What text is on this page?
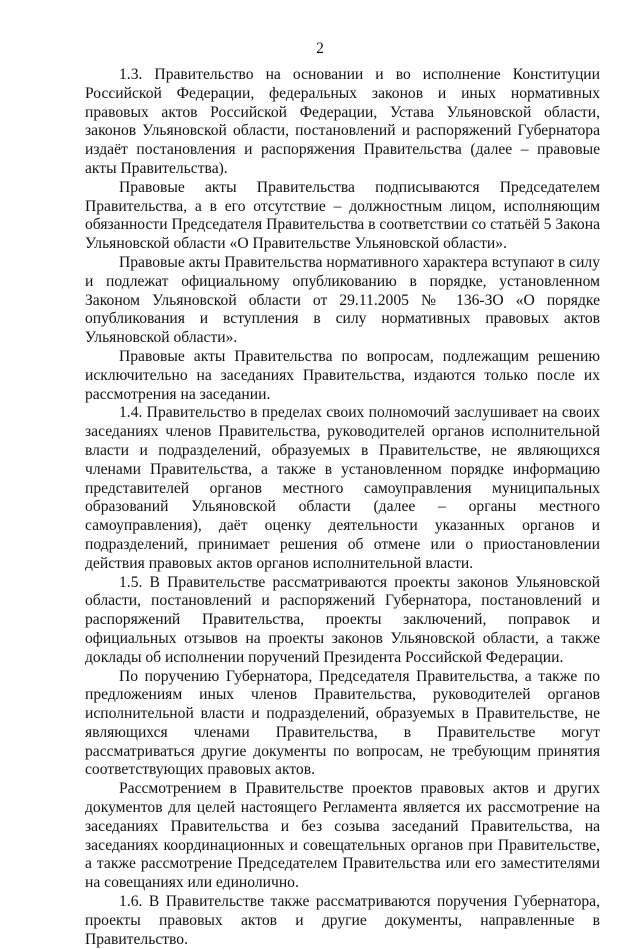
2

1.3. Правительство на основании и во исполнение Конституции Российской Федерации, федеральных законов и иных нормативных правовых актов Российской Федерации, Устава Ульяновской области, законов Ульяновской области, постановлений и распоряжений Губернатора издаёт постановления и распоряжения Правительства (далее – правовые акты Правительства).

Правовые акты Правительства подписываются Председателем Правительства, а в его отсутствие – должностным лицом, исполняющим обязанности Председателя Правительства в соответствии со статьёй 5 Закона Ульяновской области «О Правительстве Ульяновской области».

Правовые акты Правительства нормативного характера вступают в силу и подлежат официальному опубликованию в порядке, установленном Законом Ульяновской области от 29.11.2005 № 136-ЗО «О порядке опубликования и вступления в силу нормативных правовых актов Ульяновской области».

Правовые акты Правительства по вопросам, подлежащим решению исключительно на заседаниях Правительства, издаются только после их рассмотрения на заседании.

1.4. Правительство в пределах своих полномочий заслушивает на своих заседаниях членов Правительства, руководителей органов исполнительной власти и подразделений, образуемых в Правительстве, не являющихся членами Правительства, а также в установленном порядке информацию представителей органов местного самоуправления муниципальных образований Ульяновской области (далее – органы местного самоуправления), даёт оценку деятельности указанных органов и подразделений, принимает решения об отмене или о приостановлении действия правовых актов органов исполнительной власти.

1.5. В Правительстве рассматриваются проекты законов Ульяновской области, постановлений и распоряжений Губернатора, постановлений и распоряжений Правительства, проекты заключений, поправок и официальных отзывов на проекты законов Ульяновской области, а также доклады об исполнении поручений Президента Российской Федерации.

По поручению Губернатора, Председателя Правительства, а также по предложениям иных членов Правительства, руководителей органов исполнительной власти и подразделений, образуемых в Правительстве, не являющихся членами Правительства, в Правительстве могут рассматриваться другие документы по вопросам, не требующим принятия соответствующих правовых актов.

Рассмотрением в Правительстве проектов правовых актов и других документов для целей настоящего Регламента является их рассмотрение на заседаниях Правительства и без созыва заседаний Правительства, на заседаниях координационных и совещательных органов при Правительстве, а также рассмотрение Председателем Правительства или его заместителями на совещаниях или единолично.

1.6. В Правительстве также рассматриваются поручения Губернатора, проекты правовых актов и другие документы, направленные в Правительство.
